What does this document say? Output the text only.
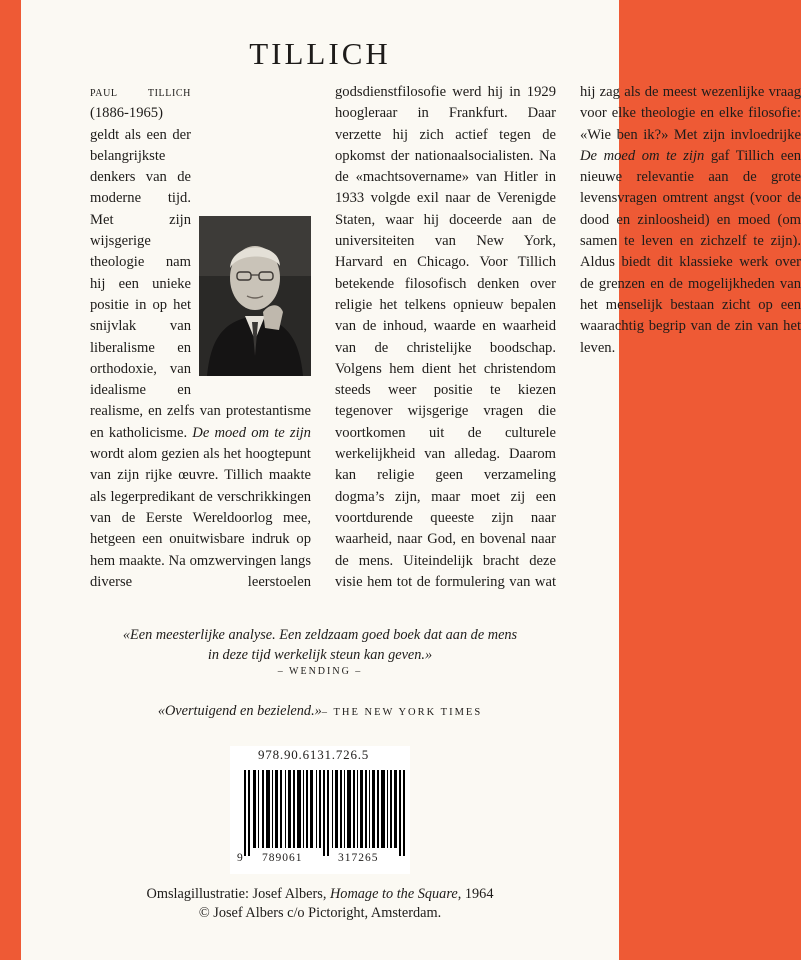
TILLICH

paul tillich (1886-1965) geldt als een der belangrijkste denkers van de moderne tijd. Met zijn wijsgerige theologie nam hij een unieke positie in op het snijvlak van liberalisme en orthodoxie, van idealisme en realisme, en zelfs van protestantisme en katholicisme. De moed om te zijn wordt alom gezien als het hoogtepunt van zijn rijke œuvre. Tillich maakte als legerpredikant de verschrikkingen van de Eerste Wereldoorlog mee, hetgeen een onuitwisbare indruk op hem maakte. Na omzwervingen langs diverse leerstoelen godsdienstfilosofie werd hij in 1929 hoogleraar in Frankfurt. Daar verzette hij zich actief tegen de opkomst der nationaalsocialisten. Na de «machtsovername» van Hitler in 1933 volgde exil naar de Verenigde Staten, waar hij doceerde aan de universiteiten van New York, Harvard en Chicago. Voor Tillich betekende filosofisch denken over religie het telkens opnieuw bepalen van de inhoud, waarde en waarheid van de christelijke boodschap. Volgens hem dient het christendom steeds weer positie te kiezen tegenover wijsgerige vragen die voortkomen uit de culturele werkelijkheid van alledag. Daarom kan religie geen verzameling dogma’s zijn, maar moet zij een voortdurende queeste zijn naar waarheid, naar God, en bovenal naar de mens. Uiteindelijk bracht deze visie hem tot de formulering van wat hij zag als de meest wezenlijke vraag voor elke theologie en elke filosofie: «Wie ben ik?» Met zijn invloedrijke De moed om te zijn gaf Tillich een nieuwe relevantie aan de grote levensvragen omtrent angst (voor de dood en zinloosheid) en moed (om samen te leven en zichzelf te zijn). Aldus biedt dit klassieke werk over de grenzen en de mogelijkheden van het menselijk bestaan zicht op een waarachtig begrip van de zin van het leven.

«Een meesterlijke analyse. Een zeldzaam goed boek dat aan de mens
in deze tijd werkelijk steun kan geven.»

– WENDING –

«Overtuigend en bezielend.»– THE NEW YORK TIMES

978.90.6131.726.5
9 789061	317265

Omslagillustratie: Josef Albers, Homage to the Square, 1964

© Josef Albers c/o Pictoright, Amsterdam.
